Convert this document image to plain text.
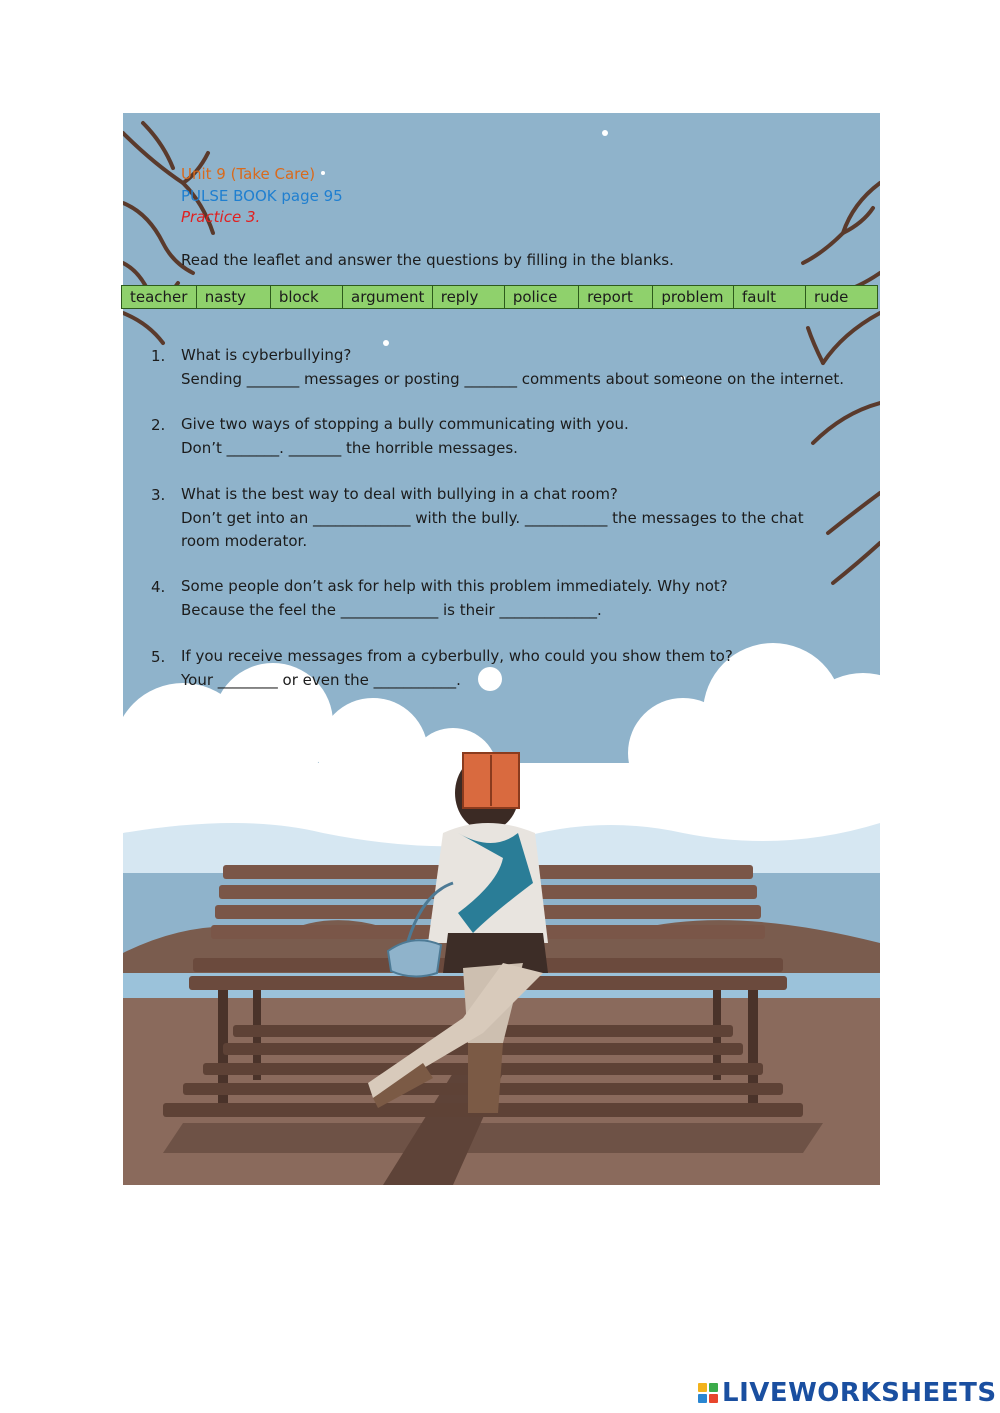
Unit 9 (Take Care)
PULSE BOOK page 95
Practice 3.
Read the leaflet and answer the questions by filling in the blanks.
teacher	nasty	block	argument	reply	police	report	problem	fault	rude
1. What is cyberbullying?
Sending _______ messages or posting _______ comments about someone on the internet.
2. Give two ways of stopping a bully communicating with you.
Don’t _______. _______ the horrible messages.
3. What is the best way to deal with bullying in a chat room?
Don’t get into an _____________ with the bully. ___________ the messages to the chat
room moderator.
4. Some people don’t ask for help with this problem immediately. Why not?
Because the feel the _____________ is their _____________.
5. If you receive messages from a cyberbully, who could you show them to?
Your ________ or even the ___________.
LIVEWORKSHEETS
